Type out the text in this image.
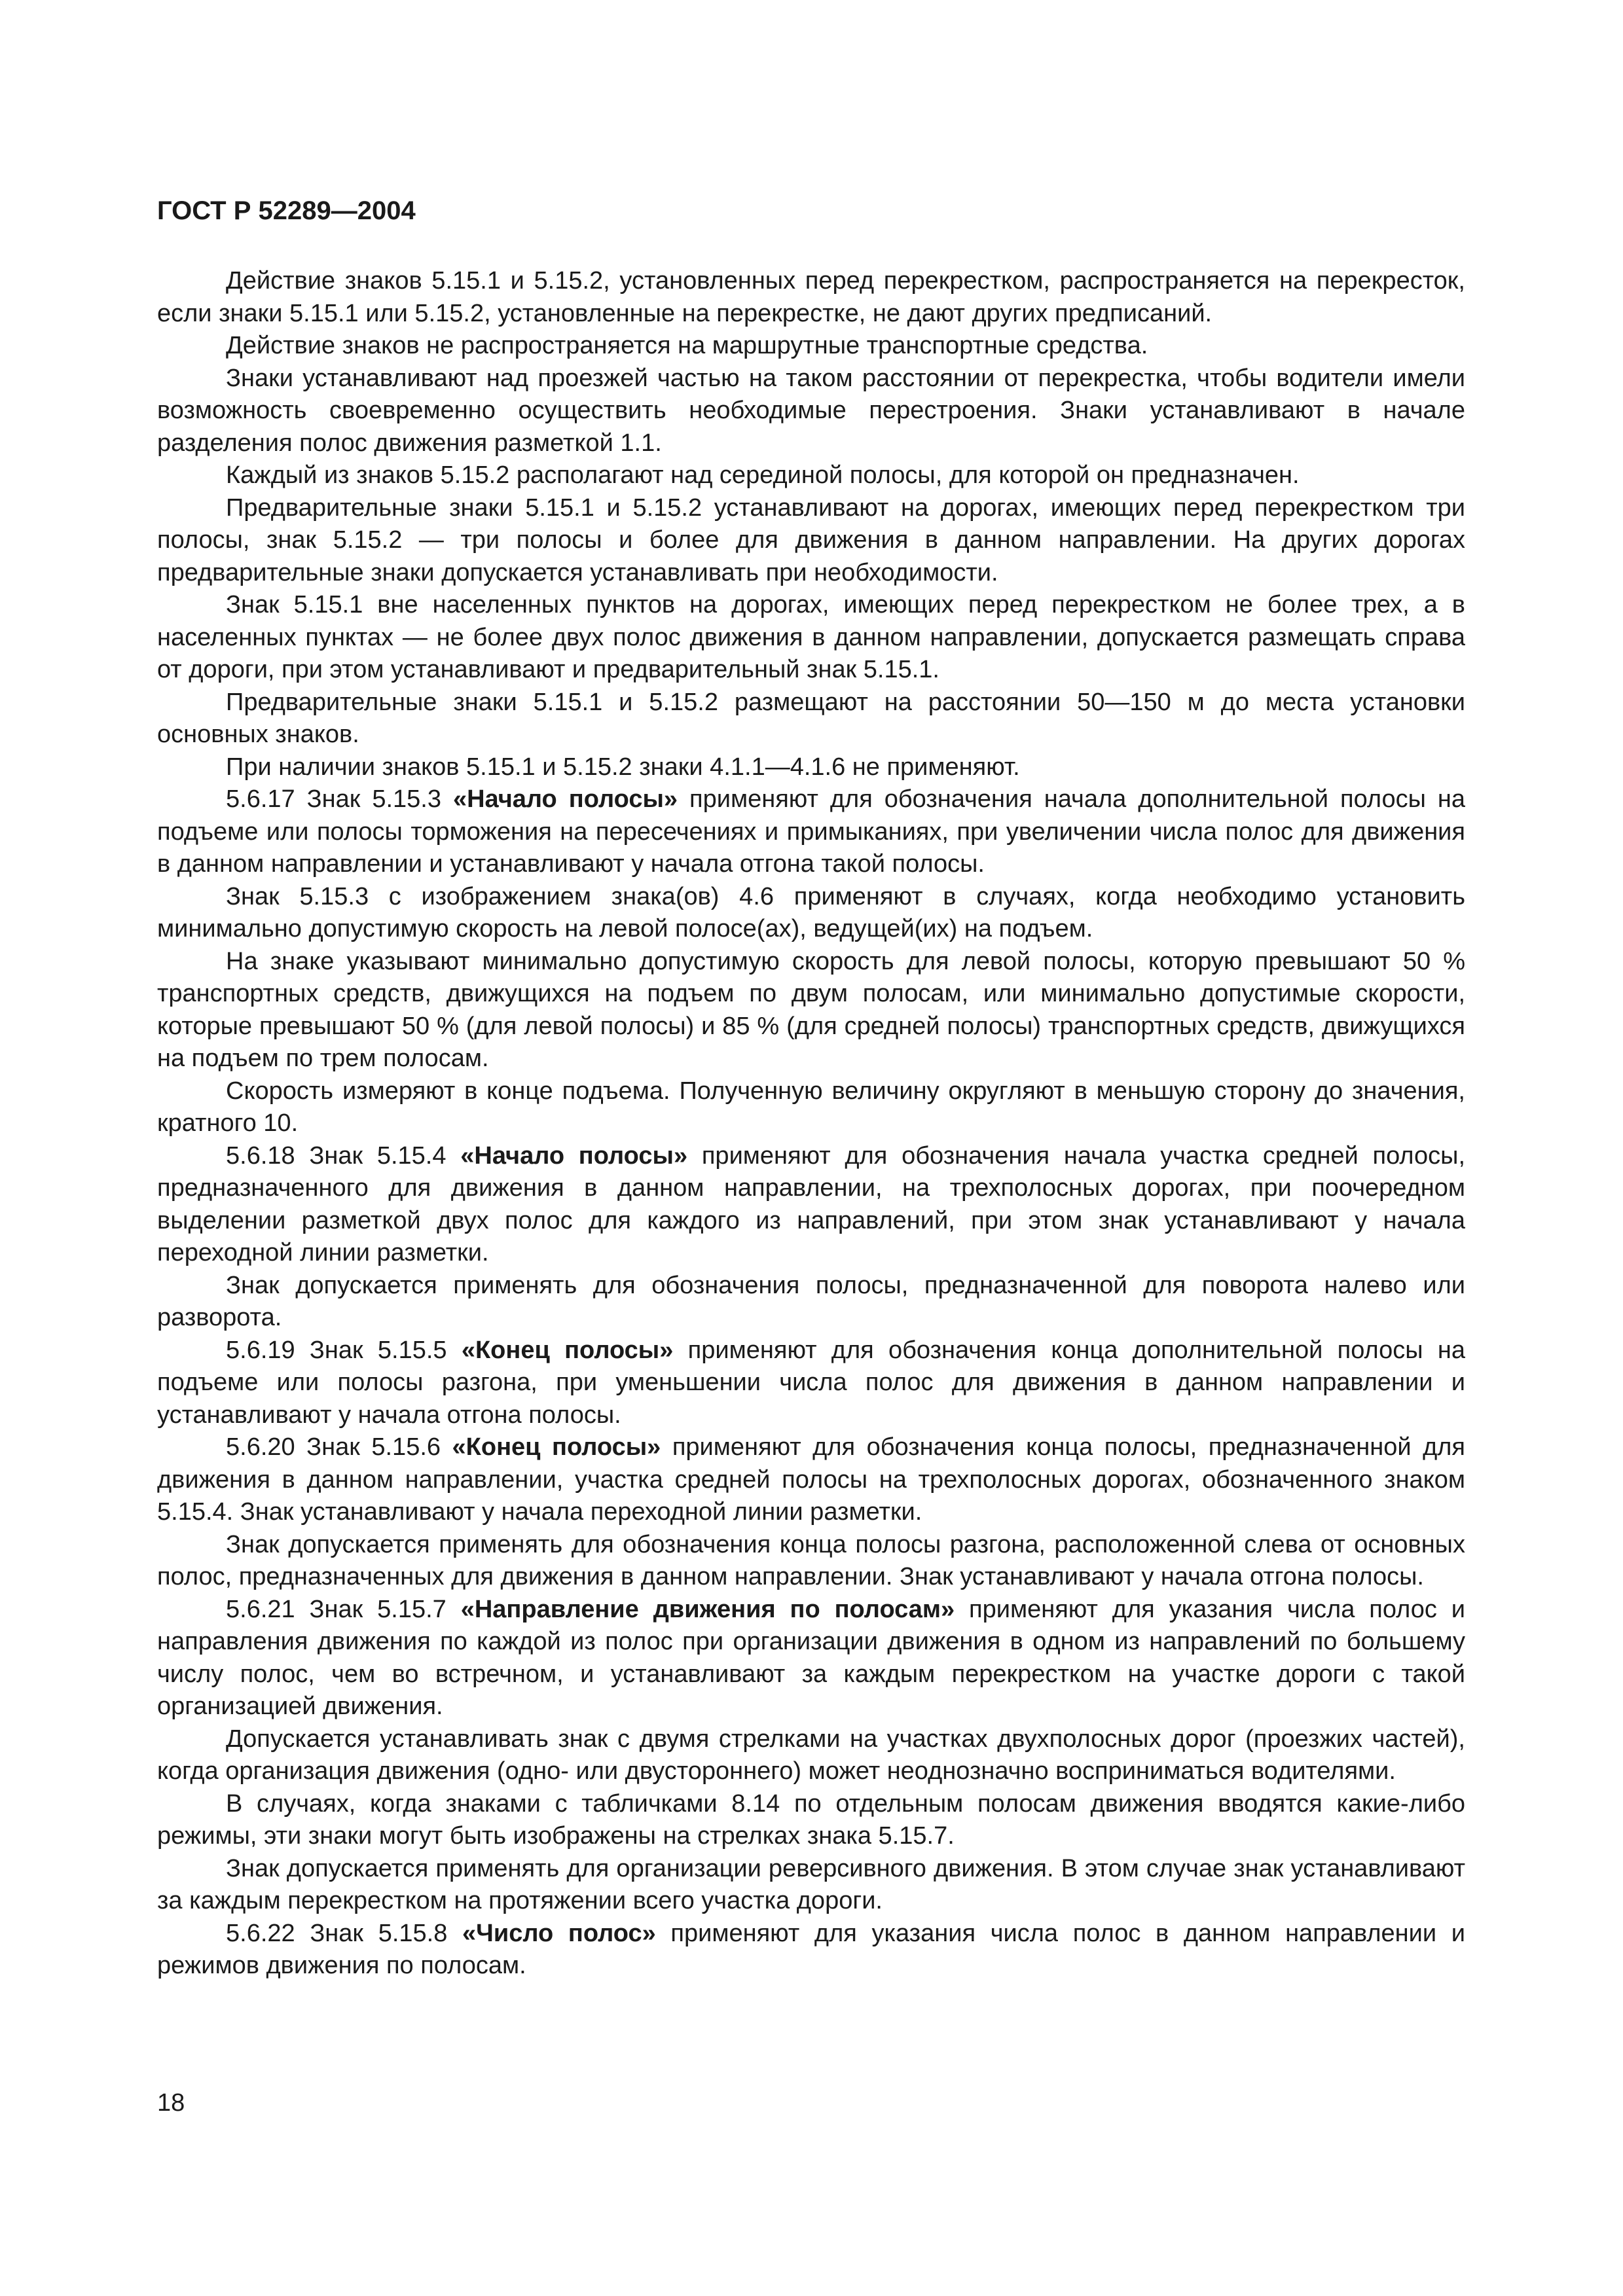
ГОСТ Р 52289—2004

Действие знаков 5.15.1 и 5.15.2, установленных перед перекрестком, распространяется на перекресток, если знаки 5.15.1 или 5.15.2, установленные на перекрестке, не дают других предписаний.

Действие знаков не распространяется на маршрутные транспортные средства.

Знаки устанавливают над проезжей частью на таком расстоянии от перекрестка, чтобы водители имели возможность своевременно осуществить необходимые перестроения. Знаки устанавливают в начале разделения полос движения разметкой 1.1.

Каждый из знаков 5.15.2 располагают над серединой полосы, для которой он предназначен.

Предварительные знаки 5.15.1 и 5.15.2 устанавливают на дорогах, имеющих перед перекрестком три полосы, знак 5.15.2 — три полосы и более для движения в данном направлении. На других дорогах предварительные знаки допускается устанавливать при необходимости.

Знак 5.15.1 вне населенных пунктов на дорогах, имеющих перед перекрестком не более трех, а в населенных пунктах — не более двух полос движения в данном направлении, допускается размещать справа от дороги, при этом устанавливают и предварительный знак 5.15.1.

Предварительные знаки 5.15.1 и 5.15.2 размещают на расстоянии 50—150 м до места установки основных знаков.

При наличии знаков 5.15.1 и 5.15.2 знаки 4.1.1—4.1.6 не применяют.

5.6.17 Знак 5.15.3 «Начало полосы» применяют для обозначения начала дополнительной полосы на подъеме или полосы торможения на пересечениях и примыканиях, при увеличении числа полос для движения в данном направлении и устанавливают у начала отгона такой полосы.

Знак 5.15.3 с изображением знака(ов) 4.6 применяют в случаях, когда необходимо установить минимально допустимую скорость на левой полосе(ах), ведущей(их) на подъем.

На знаке указывают минимально допустимую скорость для левой полосы, которую превышают 50 % транспортных средств, движущихся на подъем по двум полосам, или минимально допустимые скорости, которые превышают 50 % (для левой полосы) и 85 % (для средней полосы) транспортных средств, движущихся на подъем по трем полосам.

Скорость измеряют в конце подъема. Полученную величину округляют в меньшую сторону до значения, кратного 10.

5.6.18 Знак 5.15.4 «Начало полосы» применяют для обозначения начала участка средней полосы, предназначенного для движения в данном направлении, на трехполосных дорогах, при поочередном выделении разметкой двух полос для каждого из направлений, при этом знак устанавливают у начала переходной линии разметки.

Знак допускается применять для обозначения полосы, предназначенной для поворота налево или разворота.

5.6.19 Знак 5.15.5 «Конец полосы» применяют для обозначения конца дополнительной полосы на подъеме или полосы разгона, при уменьшении числа полос для движения в данном направлении и устанавливают у начала отгона полосы.

5.6.20 Знак 5.15.6 «Конец полосы» применяют для обозначения конца полосы, предназначенной для движения в данном направлении, участка средней полосы на трехполосных дорогах, обозначенного знаком 5.15.4. Знак устанавливают у начала переходной линии разметки.

Знак допускается применять для обозначения конца полосы разгона, расположенной слева от основных полос, предназначенных для движения в данном направлении. Знак устанавливают у начала отгона полосы.

5.6.21 Знак 5.15.7 «Направление движения по полосам» применяют для указания числа полос и направления движения по каждой из полос при организации движения в одном из направлений по большему числу полос, чем во встречном, и устанавливают за каждым перекрестком на участке дороги с такой организацией движения.

Допускается устанавливать знак с двумя стрелками на участках двухполосных дорог (проезжих частей), когда организация движения (одно- или двустороннего) может неоднозначно восприниматься водителями.

В случаях, когда знаками с табличками 8.14 по отдельным полосам движения вводятся какие-либо режимы, эти знаки могут быть изображены на стрелках знака 5.15.7.

Знак допускается применять для организации реверсивного движения. В этом случае знак устанавливают за каждым перекрестком на протяжении всего участка дороги.

5.6.22 Знак 5.15.8 «Число полос» применяют для указания числа полос в данном направлении и режимов движения по полосам.

18
